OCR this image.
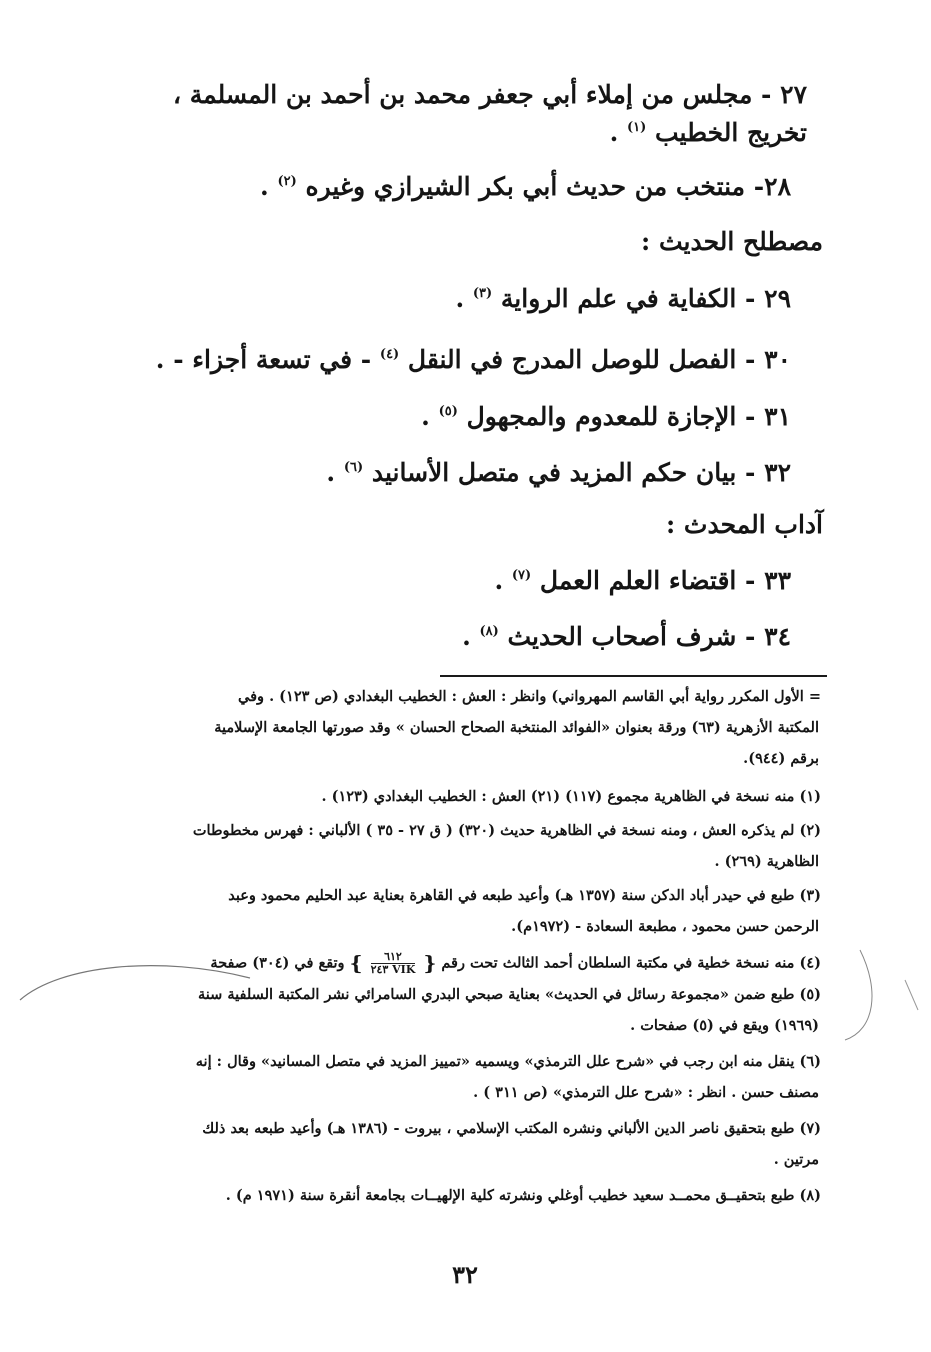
٢٧ - مجلس من إملاء أبي جعفر محمد بن أحمد بن المسلمة ،
تخريج الخطيب $^{(١)}$ .
٢٨- منتخب من حديث أبي بكر الشيرازي وغيره $^{(٢)}$ .
مصطلح الحديث :
٢٩ - الكفاية في علم الرواية $^{(٣)}$ .
٣٠ - الفصل للوصل المدرج في النقل $^{(٤)}$ - في تسعة أجزاء - .
٣١ - الإجازة للمعدوم والمجهول $^{(٥)}$ .
٣٢ - بيان حكم المزيد في متصل الأسانيد $^{(٦)}$ .
آداب المحدث :
٣٣ - اقتضاء العلم العمل $^{(٧)}$ .
٣٤ - شرف أصحاب الحديث $^{(٨)}$ .
= الأول المكرر رواية أبي القاسم المهرواني) وانظر : العش : الخطيب البغدادي (ص ١٢٣) . وفي
المكتبة الأزهرية (٦٣) ورقة بعنوان «الفوائد المنتخبة الصحاح الحسان » وقد صورتها الجامعة الإسلامية
برقم (٩٤٤).
(١) منه نسخة في الظاهرية مجموع (١١٧) (٢١) العش : الخطيب البغدادي (١٢٣) .
(٢) لم يذكره العش ، ومنه نسخة في الظاهرية حديث (٣٢٠) ( ق ٢٧ - ٣٥ ) الألباني : فهرس مخطوطات
الظاهرية (٢٦٩) .
(٣) طبع في حيدر أباد الدكن سنة (١٣٥٧ هـ) وأعيد طبعه في القاهرة بعناية عبد الحليم محمود وعبد
الرحمن حسن محمود ، مطبعة السعادة - (١٩٧٢م).
(٤) منه نسخة خطية في مكتبة السلطان أحمد الثالث تحت رقم {
$\frac{٦١٢}{\text{٢٤٣ VIK}}$
} وتقع في (٣٠٤) صفحة
(٥) طبع ضمن «مجموعة رسائل في الحديث» بعناية صبحي البدري السامرائي نشر المكتبة السلفية سنة
(١٩٦٩) ويقع في (٥) صفحات .
(٦) ينقل منه ابن رجب في «شرح علل الترمذي» ويسميه «تمييز المزيد في متصل المسانيد» وقال : إنه
مصنف حسن . انظر : «شرح علل الترمذي» (ص ٣١١ ) .
(٧) طبع بتحقيق ناصر الدين الألباني ونشره المكتب الإسلامي ، بيروت - (١٣٨٦ هـ) وأعيد طبعه بعد ذلك
مرتين .
(٨) طبع بتحقيــق محمــد سعيد خطيب أوغلي ونشرته كلية الإلهيــات بجامعة أنقرة سنة (١٩٧١ م) .
٣٢
